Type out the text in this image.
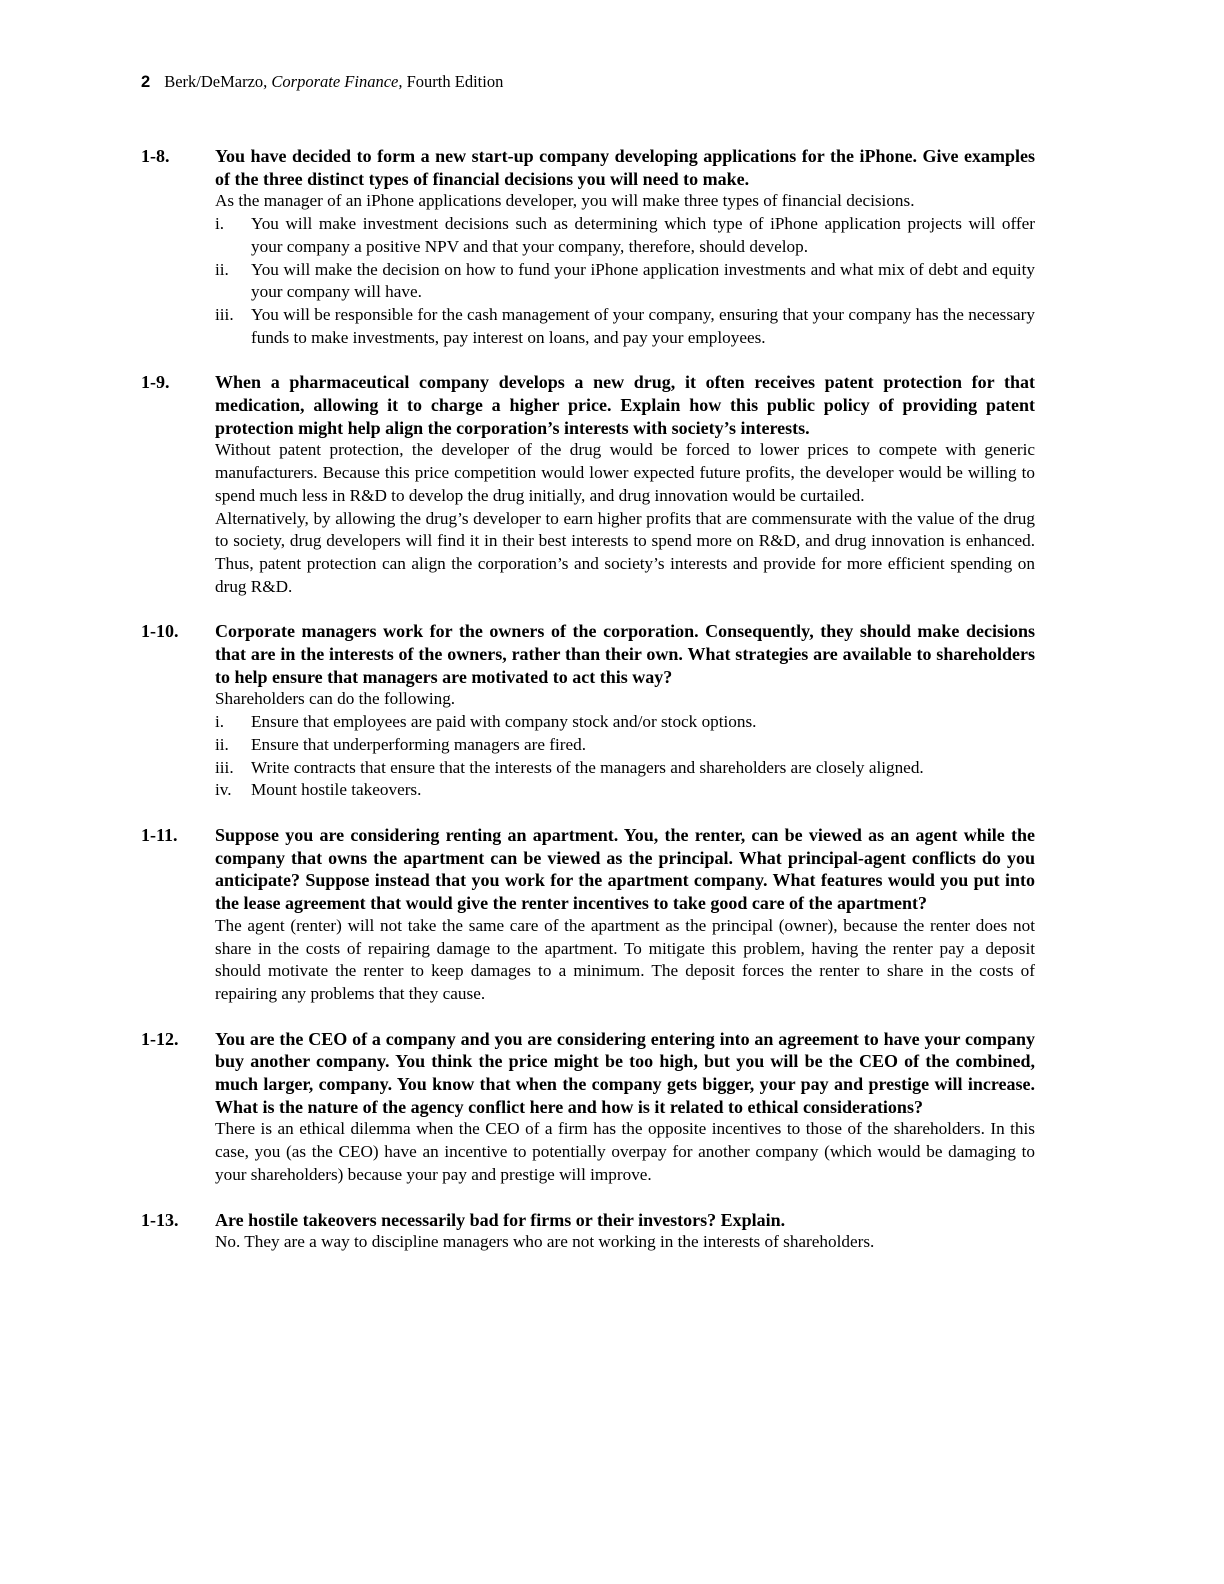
2 Berk/DeMarzo, Corporate Finance, Fourth Edition
1-8.	You have decided to form a new start-up company developing applications for the iPhone. Give examples of the three distinct types of financial decisions you will need to make.

As the manager of an iPhone applications developer, you will make three types of financial decisions.

i. You will make investment decisions such as determining which type of iPhone application projects will offer your company a positive NPV and that your company, therefore, should develop.
ii. You will make the decision on how to fund your iPhone application investments and what mix of debt and equity your company will have.
iii. You will be responsible for the cash management of your company, ensuring that your company has the necessary funds to make investments, pay interest on loans, and pay your employees.
1-9.	When a pharmaceutical company develops a new drug, it often receives patent protection for that medication, allowing it to charge a higher price. Explain how this public policy of providing patent protection might help align the corporation’s interests with society’s interests.

Without patent protection, the developer of the drug would be forced to lower prices to compete with generic manufacturers. Because this price competition would lower expected future profits, the developer would be willing to spend much less in R&D to develop the drug initially, and drug innovation would be curtailed.

Alternatively, by allowing the drug’s developer to earn higher profits that are commensurate with the value of the drug to society, drug developers will find it in their best interests to spend more on R&D, and drug innovation is enhanced. Thus, patent protection can align the corporation’s and society’s interests and provide for more efficient spending on drug R&D.

1-10. Corporate managers work for the owners of the corporation. Consequently, they should make decisions that are in the interests of the owners, rather than their own. What strategies are available to shareholders to help ensure that managers are motivated to act this way?

Shareholders can do the following.

i. Ensure that employees are paid with company stock and/or stock options.
ii. Ensure that underperforming managers are fired.
iii. Write contracts that ensure that the interests of the managers and shareholders are closely aligned.
iv. Mount hostile takeovers.
1-11. Suppose you are considering renting an apartment. You, the renter, can be viewed as an agent while the company that owns the apartment can be viewed as the principal. What principal-agent conflicts do you anticipate? Suppose instead that you work for the apartment company. What features would you put into the lease agreement that would give the renter incentives to take good care of the apartment?

The agent (renter) will not take the same care of the apartment as the principal (owner), because the renter does not share in the costs of repairing damage to the apartment. To mitigate this problem, having the renter pay a deposit should motivate the renter to keep damages to a minimum. The deposit forces the renter to share in the costs of repairing any problems that they cause.

1-12. You are the CEO of a company and you are considering entering into an agreement to have your company buy another company. You think the price might be too high, but you will be the CEO of the combined, much larger, company. You know that when the company gets bigger, your pay and prestige will increase. What is the nature of the agency conflict here and how is it related to ethical considerations?

There is an ethical dilemma when the CEO of a firm has the opposite incentives to those of the shareholders. In this case, you (as the CEO) have an incentive to potentially overpay for another company (which would be damaging to your shareholders) because your pay and prestige will improve.

1-13. Are hostile takeovers necessarily bad for firms or their investors? Explain.

No. They are a way to discipline managers who are not working in the interests of shareholders.
